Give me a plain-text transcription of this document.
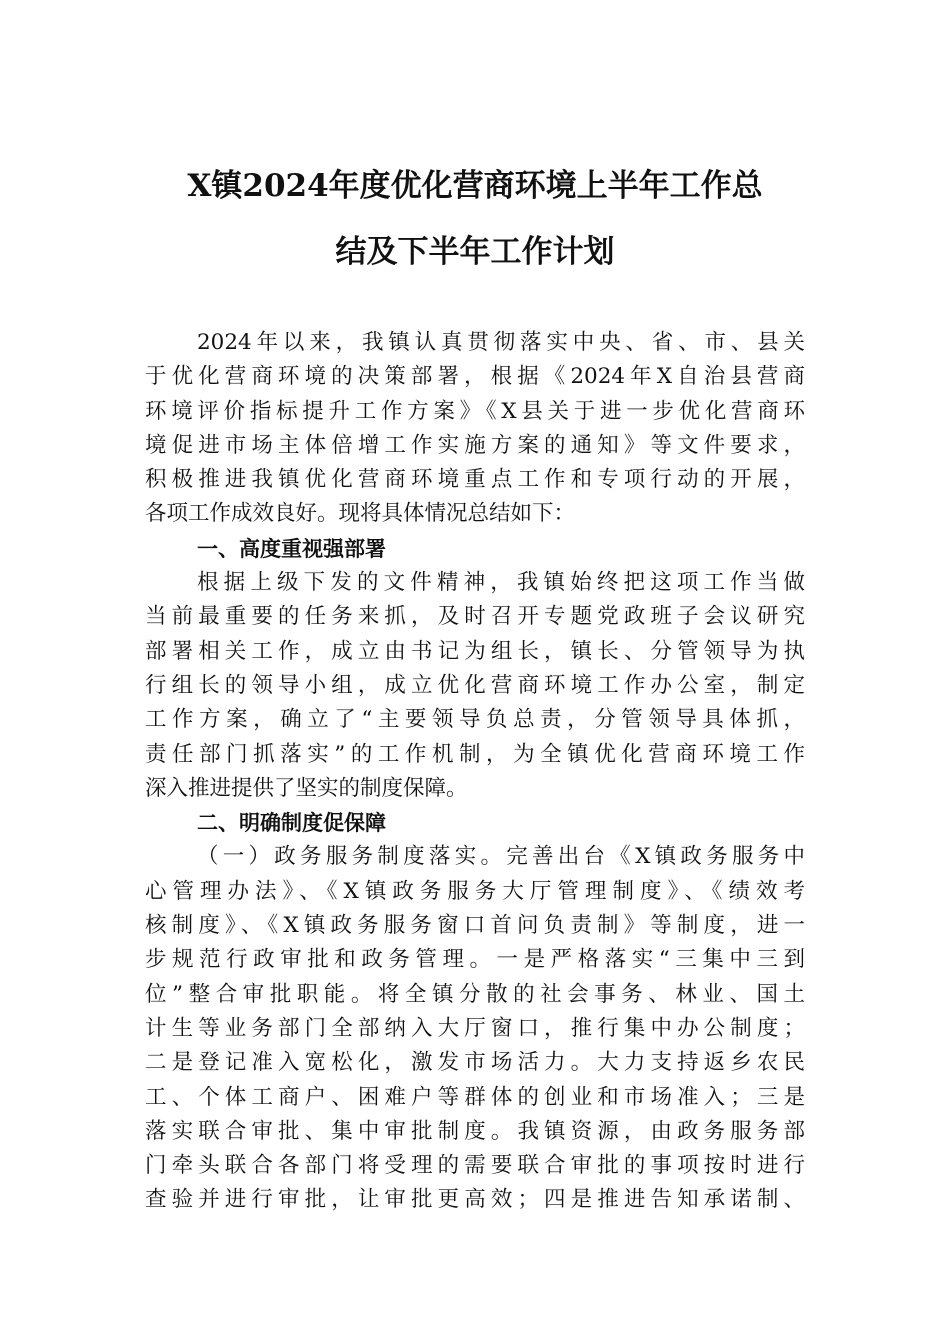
X镇2024年度优化营商环境上半年工作总
结及下半年工作计划
2024年以来，我镇认真贯彻落实中央、省、市、县关
于优化营商环境的决策部署，根据《2024年X自治县营商
环境评价指标提升工作方案》《X县关于进一步优化营商环
境促进市场主体倍增工作实施方案的通知》等文件要求，
积极推进我镇优化营商环境重点工作和专项行动的开展，
各项工作成效良好。现将具体情况总结如下：
一、高度重视强部署
根据上级下发的文件精神，我镇始终把这项工作当做
当前最重要的任务来抓，及时召开专题党政班子会议研究
部署相关工作，成立由书记为组长，镇长、分管领导为执
行组长的领导小组，成立优化营商环境工作办公室，制定
工作方案，确立了“主要领导负总责，分管领导具体抓，
责任部门抓落实”的工作机制，为全镇优化营商环境工作
深入推进提供了坚实的制度保障。
二、明确制度促保障
（一）政务服务制度落实。完善出台《X镇政务服务中
心管理办法》、《X镇政务服务大厅管理制度》、《绩效考
核制度》、《X镇政务服务窗口首问负责制》等制度，进一
步规范行政审批和政务管理。一是严格落实“三集中三到
位”整合审批职能。将全镇分散的社会事务、林业、国土
计生等业务部门全部纳入大厅窗口，推行集中办公制度；
二是登记准入宽松化，激发市场活力。大力支持返乡农民
工、个体工商户、困难户等群体的创业和市场准入；三是
落实联合审批、集中审批制度。我镇资源，由政务服务部
门牵头联合各部门将受理的需要联合审批的事项按时进行
查验并进行审批，让审批更高效；四是推进告知承诺制、
